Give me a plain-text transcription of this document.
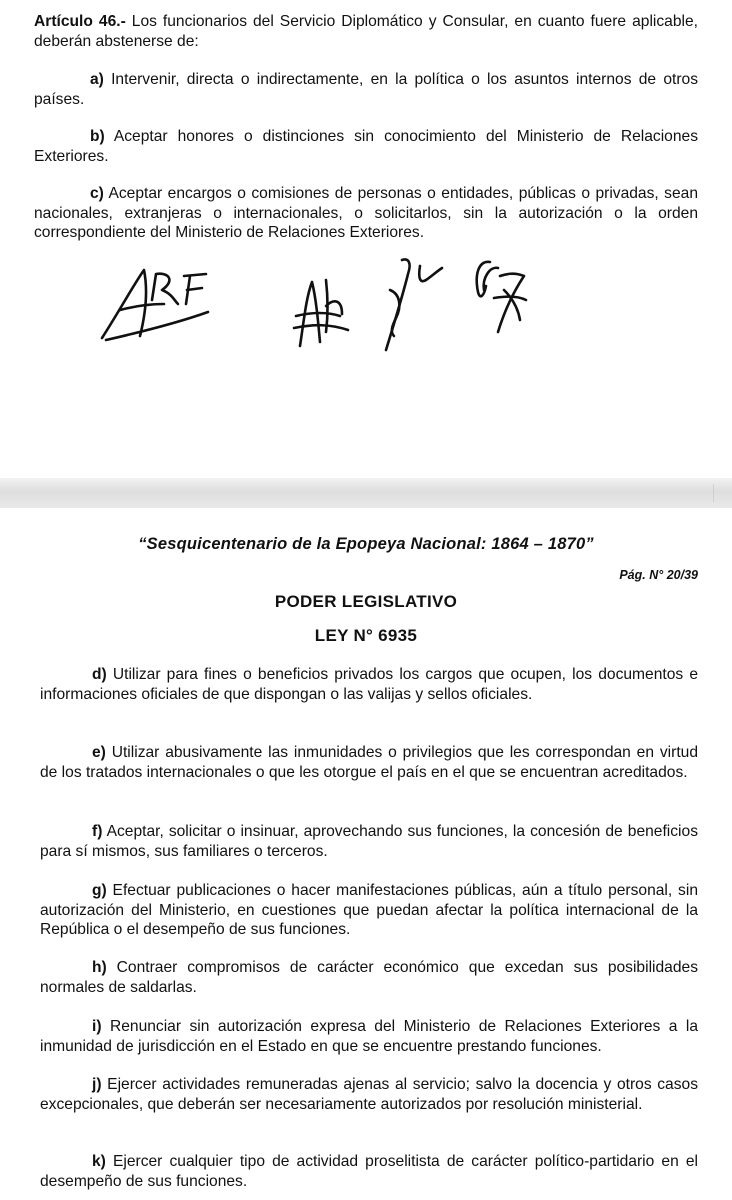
Artículo 46.- Los funcionarios del Servicio Diplomático y Consular, en cuanto fuere aplicable, deberán abstenerse de:

a) Intervenir, directa o indirectamente, en la política o los asuntos internos de otros países.

b) Aceptar honores o distinciones sin conocimiento del Ministerio de Relaciones Exteriores.

c) Aceptar encargos o comisiones de personas o entidades, públicas o privadas, sean nacionales, extranjeras o internacionales, o solicitarlos, sin la autorización o la orden correspondiente del Ministerio de Relaciones Exteriores.

“Sesquicentenario de la Epopeya Nacional: 1864 – 1870”

Pág. N° 20/39

PODER LEGISLATIVO

LEY N° 6935

d) Utilizar para fines o beneficios privados los cargos que ocupen, los documentos e informaciones oficiales de que dispongan o las valijas y sellos oficiales.

e) Utilizar abusivamente las inmunidades o privilegios que les correspondan en virtud de los tratados internacionales o que les otorgue el país en el que se encuentran acreditados.

f) Aceptar, solicitar o insinuar, aprovechando sus funciones, la concesión de beneficios para sí mismos, sus familiares o terceros.

g) Efectuar publicaciones o hacer manifestaciones públicas, aún a título personal, sin autorización del Ministerio, en cuestiones que puedan afectar la política internacional de la República o el desempeño de sus funciones.

h) Contraer compromisos de carácter económico que excedan sus posibilidades normales de saldarlas.

i) Renunciar sin autorización expresa del Ministerio de Relaciones Exteriores a la inmunidad de jurisdicción en el Estado en que se encuentre prestando funciones.

j) Ejercer actividades remuneradas ajenas al servicio; salvo la docencia y otros casos excepcionales, que deberán ser necesariamente autorizados por resolución ministerial.

k) Ejercer cualquier tipo de actividad proselitista de carácter político-partidario en el desempeño de sus funciones.
